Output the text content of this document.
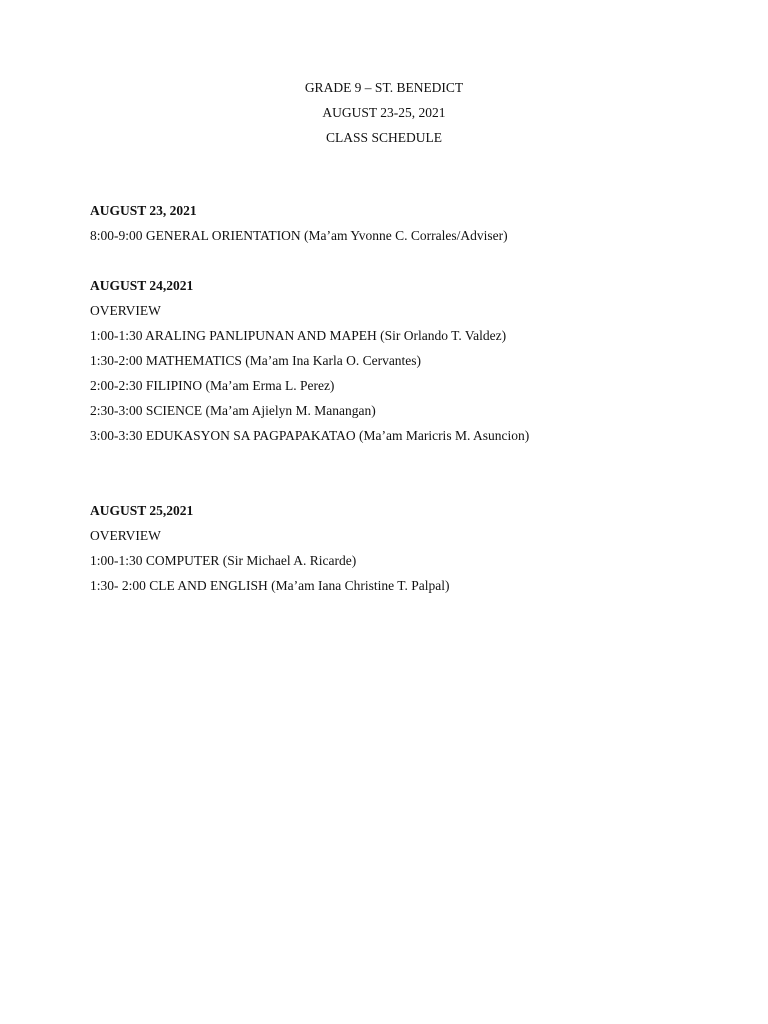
GRADE 9 – ST. BENEDICT
AUGUST 23-25, 2021
CLASS SCHEDULE
AUGUST 23, 2021
8:00-9:00 GENERAL ORIENTATION (Ma’am Yvonne C. Corrales/Adviser)
AUGUST 24,2021
OVERVIEW
1:00-1:30 ARALING PANLIPUNAN AND MAPEH (Sir Orlando T. Valdez)
1:30-2:00 MATHEMATICS (Ma’am Ina Karla O. Cervantes)
2:00-2:30 FILIPINO (Ma’am Erma L. Perez)
2:30-3:00 SCIENCE (Ma’am Ajielyn M. Manangan)
3:00-3:30 EDUKASYON SA PAGPAPAKATAO (Ma’am Maricris M. Asuncion)
AUGUST 25,2021
OVERVIEW
1:00-1:30 COMPUTER (Sir Michael A. Ricarde)
1:30- 2:00 CLE AND ENGLISH (Ma’am Iana Christine T. Palpal)
